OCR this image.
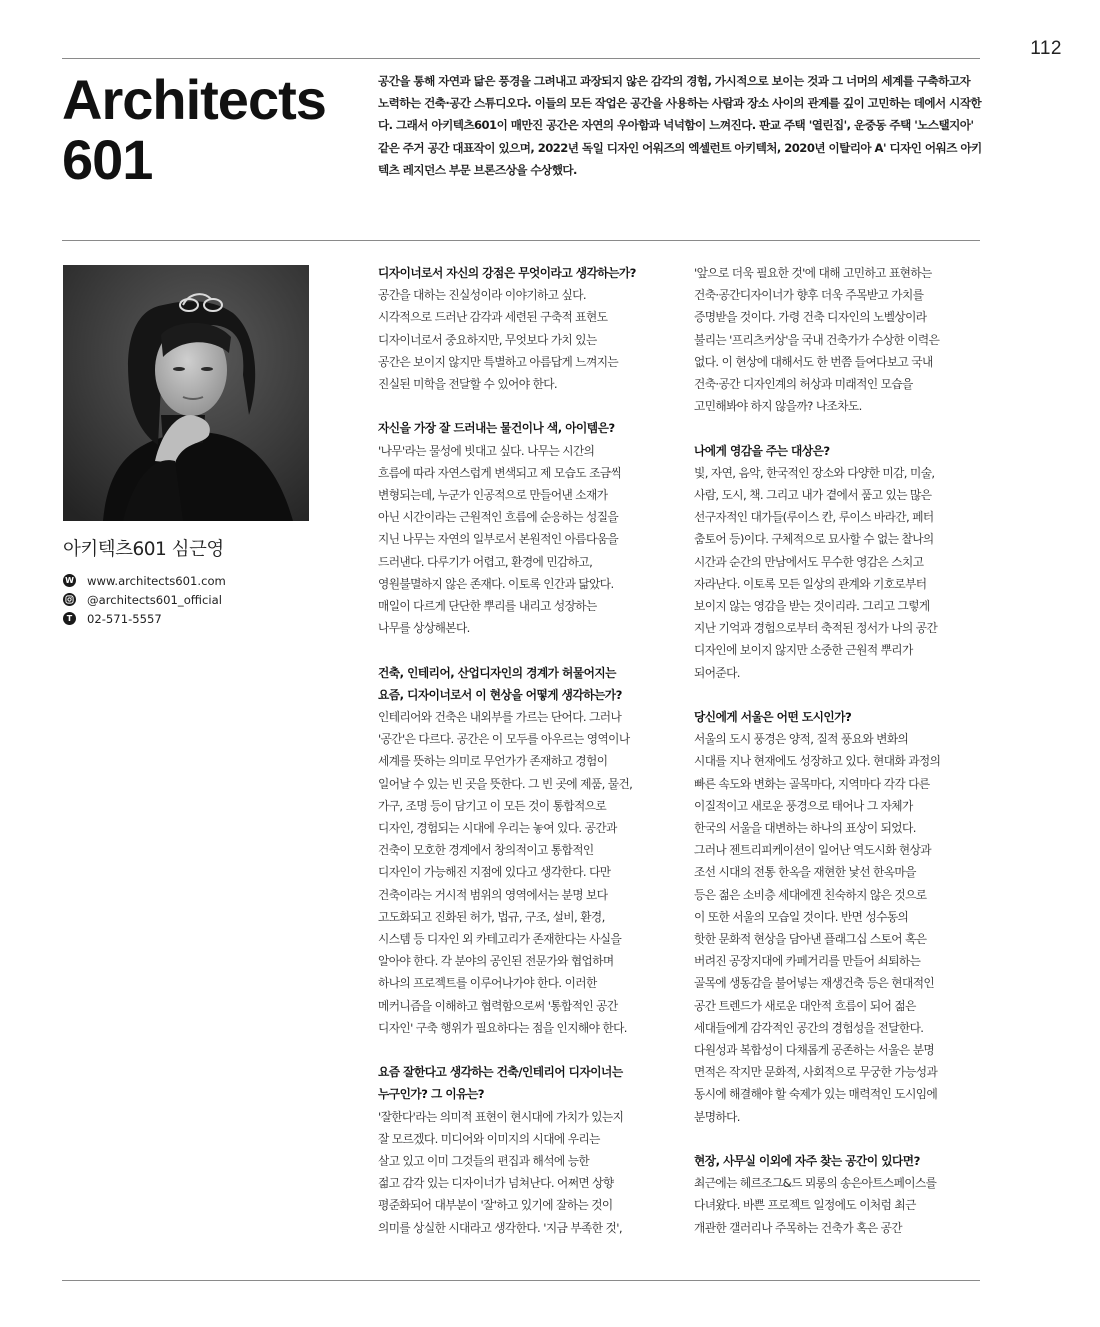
112
Architects
601

공간을 통해 자연과 닮은 풍경을 그려내고 과장되지 않은 감각의 경험, 가시적으로 보이는 것과 그 너머의 세계를 구축하고자 노력하는 건축·공간 스튜디오다. 이들의 모든 작업은 공간을 사용하는 사람과 장소 사이의 관계를 깊이 고민하는 데에서 시작한다. 그래서 아키텍츠601이 매만진 공간은 자연의 우아함과 넉넉함이 느껴진다. 판교 주택 '열린집', 운중동 주택 '노스탤지아' 같은 주거 공간 대표작이 있으며, 2022년 독일 디자인 어워즈의 엑셀런트 아키텍처, 2020년 이탈리아 A' 디자인 어워즈 아키텍츠 레지던스 부문 브론즈상을 수상했다.

아키텍츠601 심근영
W www.architects601.com
@architects601_official
T	02-571-5557

디자이너로서 자신의 강점은 무엇이라고 생각하는가?

공간을 대하는 진실성이라 이야기하고 싶다.
시각적으로 드러난 감각과 세련된 구축적 표현도
디자이너로서 중요하지만, 무엇보다 가치 있는
공간은 보이지 않지만 특별하고 아름답게 느껴지는
진실된 미학을 전달할 수 있어야 한다.

자신을 가장 잘 드러내는 물건이나 색, 아이템은?

'나무'라는 물성에 빗대고 싶다. 나무는 시간의
흐름에 따라 자연스럽게 변색되고 제 모습도 조금씩
변형되는데, 누군가 인공적으로 만들어낸 소재가
아닌 시간이라는 근원적인 흐름에 순응하는 성질을
지닌 나무는 자연의 일부로서 본원적인 아름다움을
드러낸다. 다루기가 어렵고, 환경에 민감하고,
영원불멸하지 않은 존재다. 이토록 인간과 닮았다.
매일이 다르게 단단한 뿌리를 내리고 성장하는
나무를 상상해본다.

건축, 인테리어, 산업디자인의 경계가 허물어지는
요즘, 디자이너로서 이 현상을 어떻게 생각하는가?

인테리어와 건축은 내외부를 가르는 단어다. 그러나
'공간'은 다르다. 공간은 이 모두를 아우르는 영역이나
세계를 뜻하는 의미로 무언가가 존재하고 경험이
일어날 수 있는 빈 곳을 뜻한다. 그 빈 곳에 제품, 물건,
가구, 조명 등이 담기고 이 모든 것이 통합적으로
디자인, 경험되는 시대에 우리는 놓여 있다. 공간과
건축이 모호한 경계에서 창의적이고 통합적인
디자인이 가능해진 지점에 있다고 생각한다. 다만
건축이라는 거시적 범위의 영역에서는 분명 보다
고도화되고 진화된 허가, 법규, 구조, 설비, 환경,
시스템 등 디자인 외 카테고리가 존재한다는 사실을
알아야 한다. 각 분야의 공인된 전문가와 협업하며
하나의 프로젝트를 이루어나가야 한다. 이러한
메커니즘을 이해하고 협력함으로써 '통합적인 공간
디자인' 구축 행위가 필요하다는 점을 인지해야 한다.

요즘 잘한다고 생각하는 건축/인테리어 디자이너는
누구인가? 그 이유는?

'잘한다'라는 의미적 표현이 현시대에 가치가 있는지
잘 모르겠다. 미디어와 이미지의 시대에 우리는
살고 있고 이미 그것들의 편집과 해석에 능한
젊고 감각 있는 디자이너가 넘쳐난다. 어쩌면 상향
평준화되어 대부분이 '잘'하고 있기에 잘하는 것이
의미를 상실한 시대라고 생각한다. '지금 부족한 것',

'앞으로 더욱 필요한 것'에 대해 고민하고 표현하는
건축·공간디자이너가 향후 더욱 주목받고 가치를
증명받을 것이다. 가령 건축 디자인의 노벨상이라
불리는 '프리츠커상'을 국내 건축가가 수상한 이력은
없다. 이 현상에 대해서도 한 번쯤 들여다보고 국내
건축·공간 디자인계의 허상과 미래적인 모습을
고민해봐야 하지 않을까? 나조차도.

나에게 영감을 주는 대상은?

빛, 자연, 음악, 한국적인 장소와 다양한 미감, 미술,
사람, 도시, 책. 그리고 내가 곁에서 품고 있는 많은
선구자적인 대가들(루이스 칸, 루이스 바라간, 페터
춤토어 등)이다. 구체적으로 묘사할 수 없는 찰나의
시간과 순간의 만남에서도 무수한 영감은 스치고
자라난다. 이토록 모든 일상의 관계와 기호로부터
보이지 않는 영감을 받는 것이리라. 그리고 그렇게
지난 기억과 경험으로부터 축적된 정서가 나의 공간
디자인에 보이지 않지만 소중한 근원적 뿌리가
되어준다.

당신에게 서울은 어떤 도시인가?

서울의 도시 풍경은 양적, 질적 풍요와 변화의
시대를 지나 현재에도 성장하고 있다. 현대화 과정의
빠른 속도와 변화는 골목마다, 지역마다 각각 다른
이질적이고 새로운 풍경으로 태어나 그 자체가
한국의 서울을 대변하는 하나의 표상이 되었다.
그러나 젠트리피케이션이 일어난 역도시화 현상과
조선 시대의 전통 한옥을 재현한 낯선 한옥마을
등은 젊은 소비층 세대에겐 친숙하지 않은 것으로
이 또한 서울의 모습일 것이다. 반면 성수동의
핫한 문화적 현상을 담아낸 플래그십 스토어 혹은
버려진 공장지대에 카페거리를 만들어 쇠퇴하는
골목에 생동감을 불어넣는 재생건축 등은 현대적인
공간 트렌드가 새로운 대안적 흐름이 되어 젊은
세대들에게 감각적인 공간의 경험성을 전달한다.
다원성과 복합성이 다채롭게 공존하는 서울은 분명
면적은 작지만 문화적, 사회적으로 무궁한 가능성과
동시에 해결해야 할 숙제가 있는 매력적인 도시임에
분명하다.

현장, 사무실 이외에 자주 찾는 공간이 있다면?

최근에는 헤르조그&드 뫼롱의 송은아트스페이스를
다녀왔다. 바쁜 프로젝트 일정에도 이처럼 최근
개관한 갤러리나 주목하는 건축가 혹은 공간
